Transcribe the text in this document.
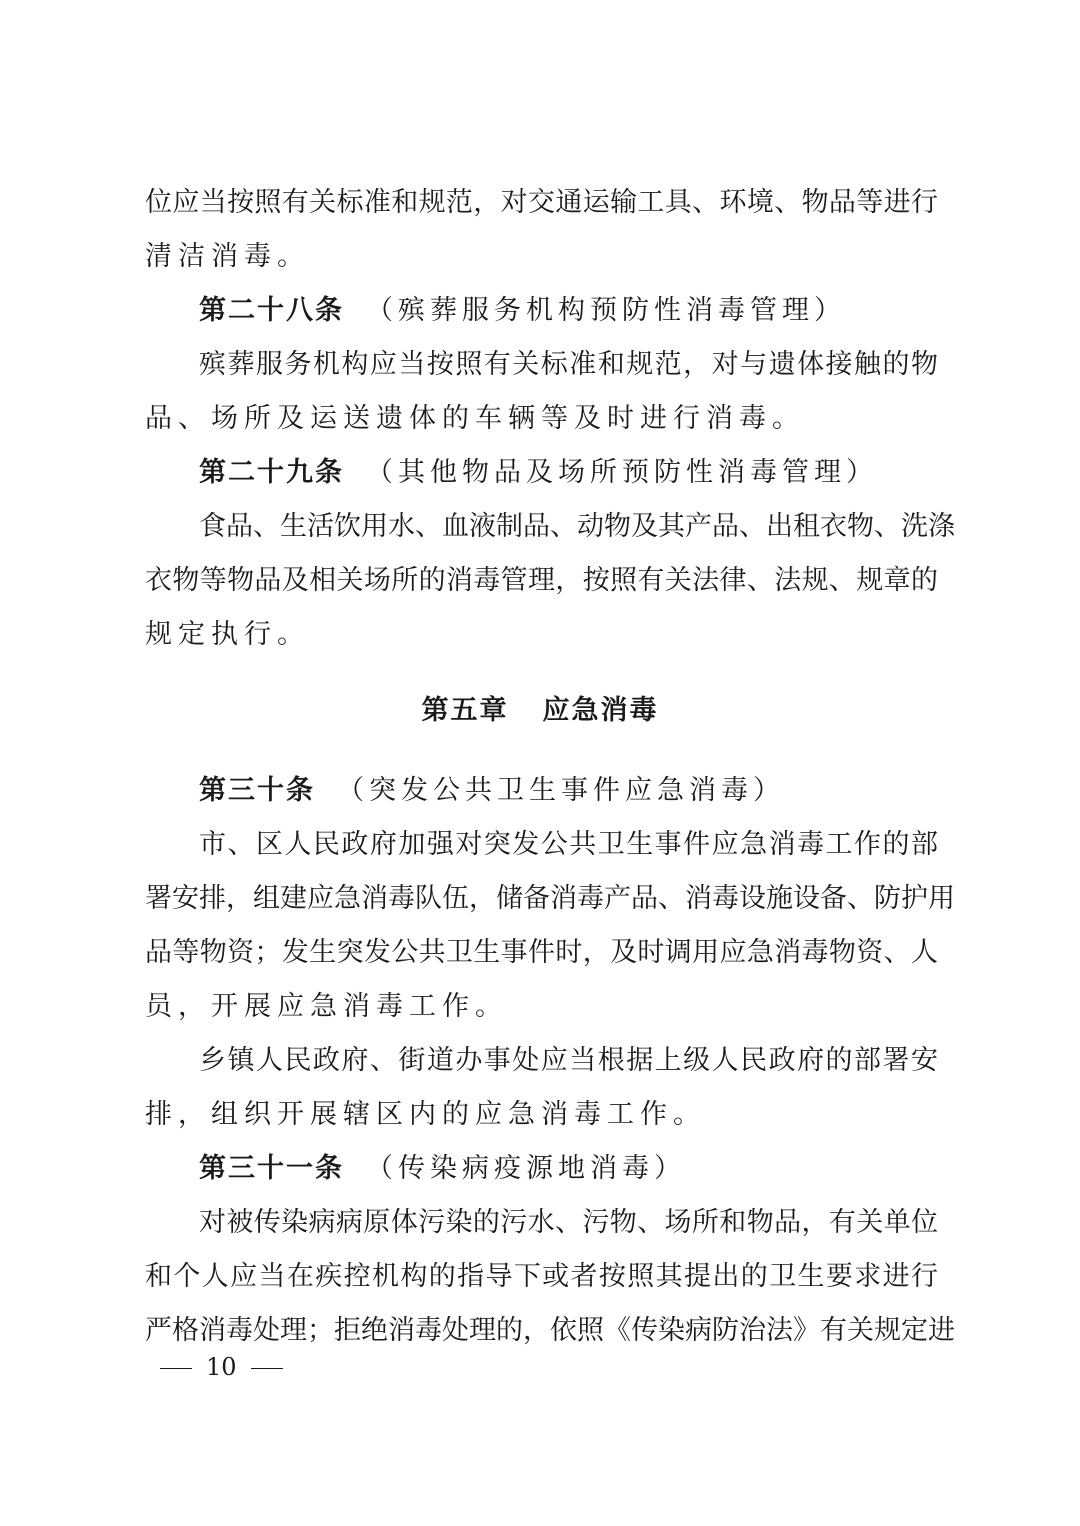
位应当按照有关标准和规范，对交通运输工具、环境、物品等进行
清洁消毒。
第二十八条 （殡葬服务机构预防性消毒管理）
殡葬服务机构应当按照有关标准和规范，对与遗体接触的物
品、场所及运送遗体的车辆等及时进行消毒。
第二十九条 （其他物品及场所预防性消毒管理）
食品、生活饮用水、血液制品、动物及其产品、出租衣物、洗涤
衣物等物品及相关场所的消毒管理，按照有关法律、法规、规章的
规定执行。
第五章 应急消毒
第三十条 （突发公共卫生事件应急消毒）
市、区人民政府加强对突发公共卫生事件应急消毒工作的部
署安排，组建应急消毒队伍，储备消毒产品、消毒设施设备、防护用
品等物资；发生突发公共卫生事件时，及时调用应急消毒物资、人
员，开展应急消毒工作。
乡镇人民政府、街道办事处应当根据上级人民政府的部署安
排，组织开展辖区内的应急消毒工作。
第三十一条 （传染病疫源地消毒）
对被传染病病原体污染的污水、污物、场所和物品，有关单位
和个人应当在疾控机构的指导下或者按照其提出的卫生要求进行
严格消毒处理；拒绝消毒处理的，依照《传染病防治法》有关规定进
10
